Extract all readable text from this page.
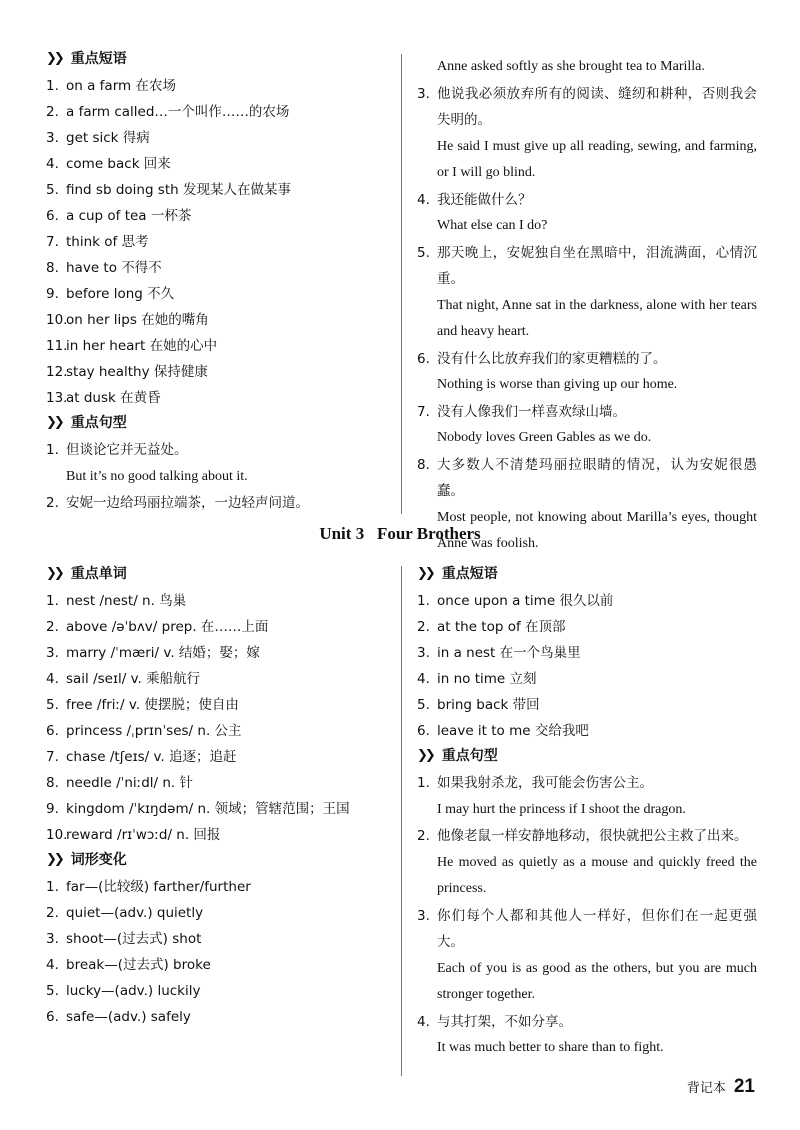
❯❯ 重点短语
1. on a farm 在农场
2. a farm called…一个叫作……的农场
3. get sick 得病
4. come back 回来
5. find sb doing sth 发现某人在做某事
6. a cup of tea 一杯茶
7. think of 思考
8. have to 不得不
9. before long 不久
10.
on her lips 在她的嘴角
11.
in her heart 在她的心中
12.
stay healthy 保持健康
13.
at dusk 在黄昏
❯❯ 重点句型
1. 但谈论它并无益处。
But it’s no good talking about it.
2. 安妮一边给玛丽拉端茶，一边轻声问道。
Anne asked softly as she brought tea to Marilla.
3. 他说我必须放弃所有的阅读、缝纫和耕种，否则我会失明的。
He said I must give up all reading, sewing, and farming, or I will go blind.
4. 我还能做什么？
What else can I do?
5. 那天晚上，安妮独自坐在黑暗中，泪流满面，心情沉重。
That night, Anne sat in the darkness, alone with her tears and heavy heart.
6. 没有什么比放弃我们的家更糟糕的了。
Nothing is worse than giving up our home.
7. 没有人像我们一样喜欢绿山墙。
Nobody loves Green Gables as we do.
8. 大多数人不清楚玛丽拉眼睛的情况，认为安妮很愚蠢。
Most people, not knowing about Marilla’s eyes, thought Anne was foolish.
Unit 3   Four Brothers
❯❯ 重点单词
1. nest /nest/ n. 鸟巢
2. above /əˈbʌv/ prep. 在……上面
3. marry /ˈmæri/ v. 结婚；娶；嫁
4. sail /seɪl/ v. 乘船航行
5. free /friː/ v. 使摆脱；使自由
6. princess /ˌprɪnˈses/ n. 公主
7. chase /tʃeɪs/ v. 追逐；追赶
8. needle /ˈniːdl/ n. 针
9. kingdom /ˈkɪŋdəm/ n. 领域；管辖范围；王国
10.
reward /rɪˈwɔːd/ n. 回报
❯❯ 词形变化
1. far—(比较级) farther/further
2. quiet—(adv.) quietly
3. shoot—(过去式) shot
4. break—(过去式) broke
5. lucky—(adv.) luckily
6. safe—(adv.) safely
❯❯ 重点短语
1. once upon a time 很久以前
2. at the top of 在顶部
3. in a nest 在一个鸟巢里
4. in no time 立刻
5. bring back 带回
6. leave it to me 交给我吧
❯❯ 重点句型
1. 如果我射杀龙，我可能会伤害公主。
I may hurt the princess if I shoot the dragon.
2. 他像老鼠一样安静地移动，很快就把公主救了出来。
He moved as quietly as a mouse and quickly freed the princess.
3. 你们每个人都和其他人一样好，但你们在一起更强大。
Each of you is as good as the others, but you are much stronger together.
4. 与其打架，不如分享。
It was much better to share than to fight.
背记本 21
